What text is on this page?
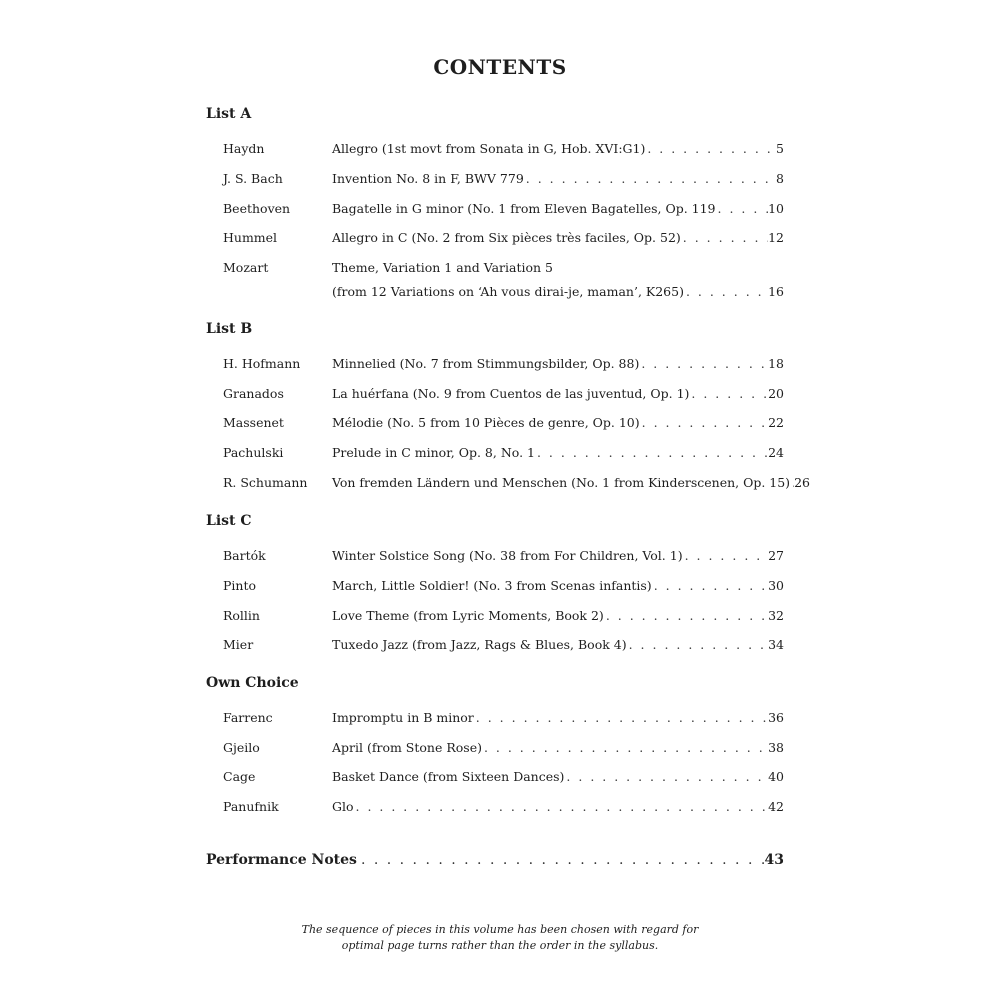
CONTENTS
List A
Haydn	Allegro (1st movt from Sonata in G, Hob. XVI:G1) . . .	5
J. S. Bach	Invention No. 8 in F, BWV 779 . . .	8
Beethoven	Bagatelle in G minor (No. 1 from Eleven Bagatelles, Op. 119 . . .	10
Hummel	Allegro in C (No. 2 from Six pièces très faciles, Op. 52) . . .	12
Mozart	Theme, Variation 1 and Variation 5
(from 12 Variations on ‘Ah vous dirai-je, maman’, K265) . . .	16
List B
H. Hofmann	Minnelied (No. 7 from Stimmungsbilder, Op. 88) . . .	18
Granados	La huérfana (No. 9 from Cuentos de las juventud, Op. 1) . . .	20
Massenet	Mélodie (No. 5 from 10 Pièces de genre, Op. 10) . . .	22
Pachulski	Prelude in C minor, Op. 8, No. 1 . . .	24
R. Schumann Von fremden Ländern und Menschen (No. 1 from Kinderscenen, Op. 15) . . . 26
List C
Bartók	Winter Solstice Song (No. 38 from For Children, Vol. 1) . . .	27
Pinto	March, Little Soldier! (No. 3 from Scenas infantis) . . .	30
Rollin	Love Theme (from Lyric Moments, Book 2) . . .	32
Mier	Tuxedo Jazz (from Jazz, Rags & Blues, Book 4) . . .	34
Own Choice
Farrenc	Impromptu in B minor . . .	36
Gjeilo	April (from Stone Rose) . . .	38
Cage	Basket Dance (from Sixteen Dances) . . .	40
Panufnik	Glo . . .	42
Performance Notes . . .	43
The sequence of pieces in this volume has been chosen with regard for
optimal page turns rather than the order in the syllabus.
